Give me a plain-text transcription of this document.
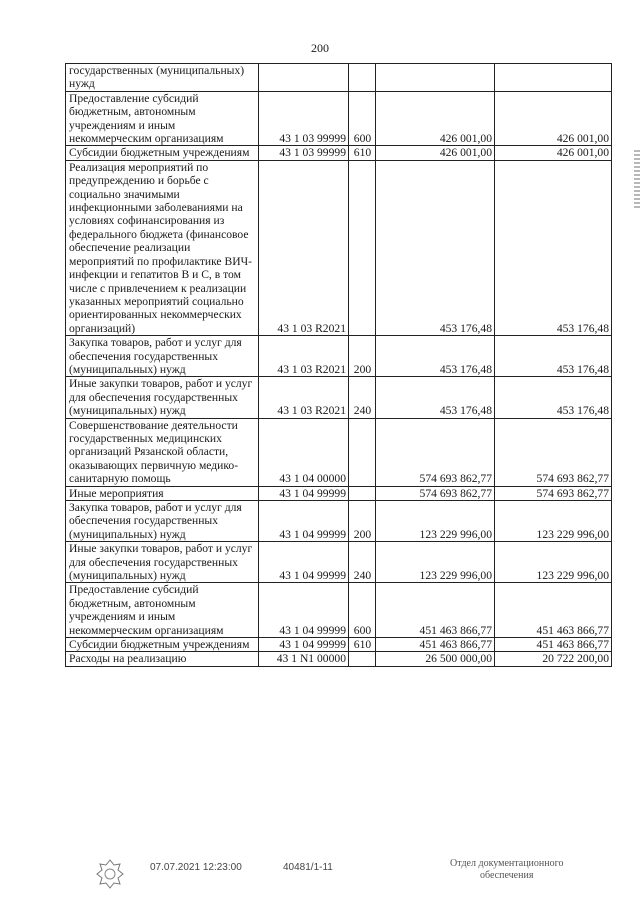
200
государственных (муниципальных) нужд				
Предоставление субсидий бюджетным, автономным учреждениям и иным некоммерческим организациям	43 1 03 99999	600	426 001,00	426 001,00
Субсидии бюджетным учреждениям	43 1 03 99999	610	426 001,00	426 001,00
Реализация мероприятий по предупреждению и борьбе с социально значимыми инфекционными заболеваниями на условиях софинансирования из федерального бюджета (финансовое обеспечение реализации мероприятий по профилактике ВИЧ-инфекции и гепатитов В и С, в том числе с привлечением к реализации указанных мероприятий социально ориентированных некоммерческих организаций)	43 1 03 R2021		453 176,48	453 176,48
Закупка товаров, работ и услуг для обеспечения государственных (муниципальных) нужд	43 1 03 R2021	200	453 176,48	453 176,48
Иные закупки товаров, работ и услуг для обеспечения государственных (муниципальных) нужд	43 1 03 R2021	240	453 176,48	453 176,48
Совершенствование деятельности государственных медицинских организаций Рязанской области, оказывающих первичную медико-санитарную помощь	43 1 04 00000		574 693 862,77	574 693 862,77
Иные мероприятия	43 1 04 99999		574 693 862,77	574 693 862,77
Закупка товаров, работ и услуг для обеспечения государственных (муниципальных) нужд	43 1 04 99999	200	123 229 996,00	123 229 996,00
Иные закупки товаров, работ и услуг для обеспечения государственных (муниципальных) нужд	43 1 04 99999	240	123 229 996,00	123 229 996,00
Предоставление субсидий бюджетным, автономным учреждениям и иным некоммерческим организациям	43 1 04 99999	600	451 463 866,77	451 463 866,77
Субсидии бюджетным учреждениям	43 1 04 99999	610	451 463 866,77	451 463 866,77
Расходы на реализацию	43 1 N1 00000		26 500 000,00	20 722 200,00
07.07.2021 12:23:00	40481/1-11	Отдел документационного
обеспечения
